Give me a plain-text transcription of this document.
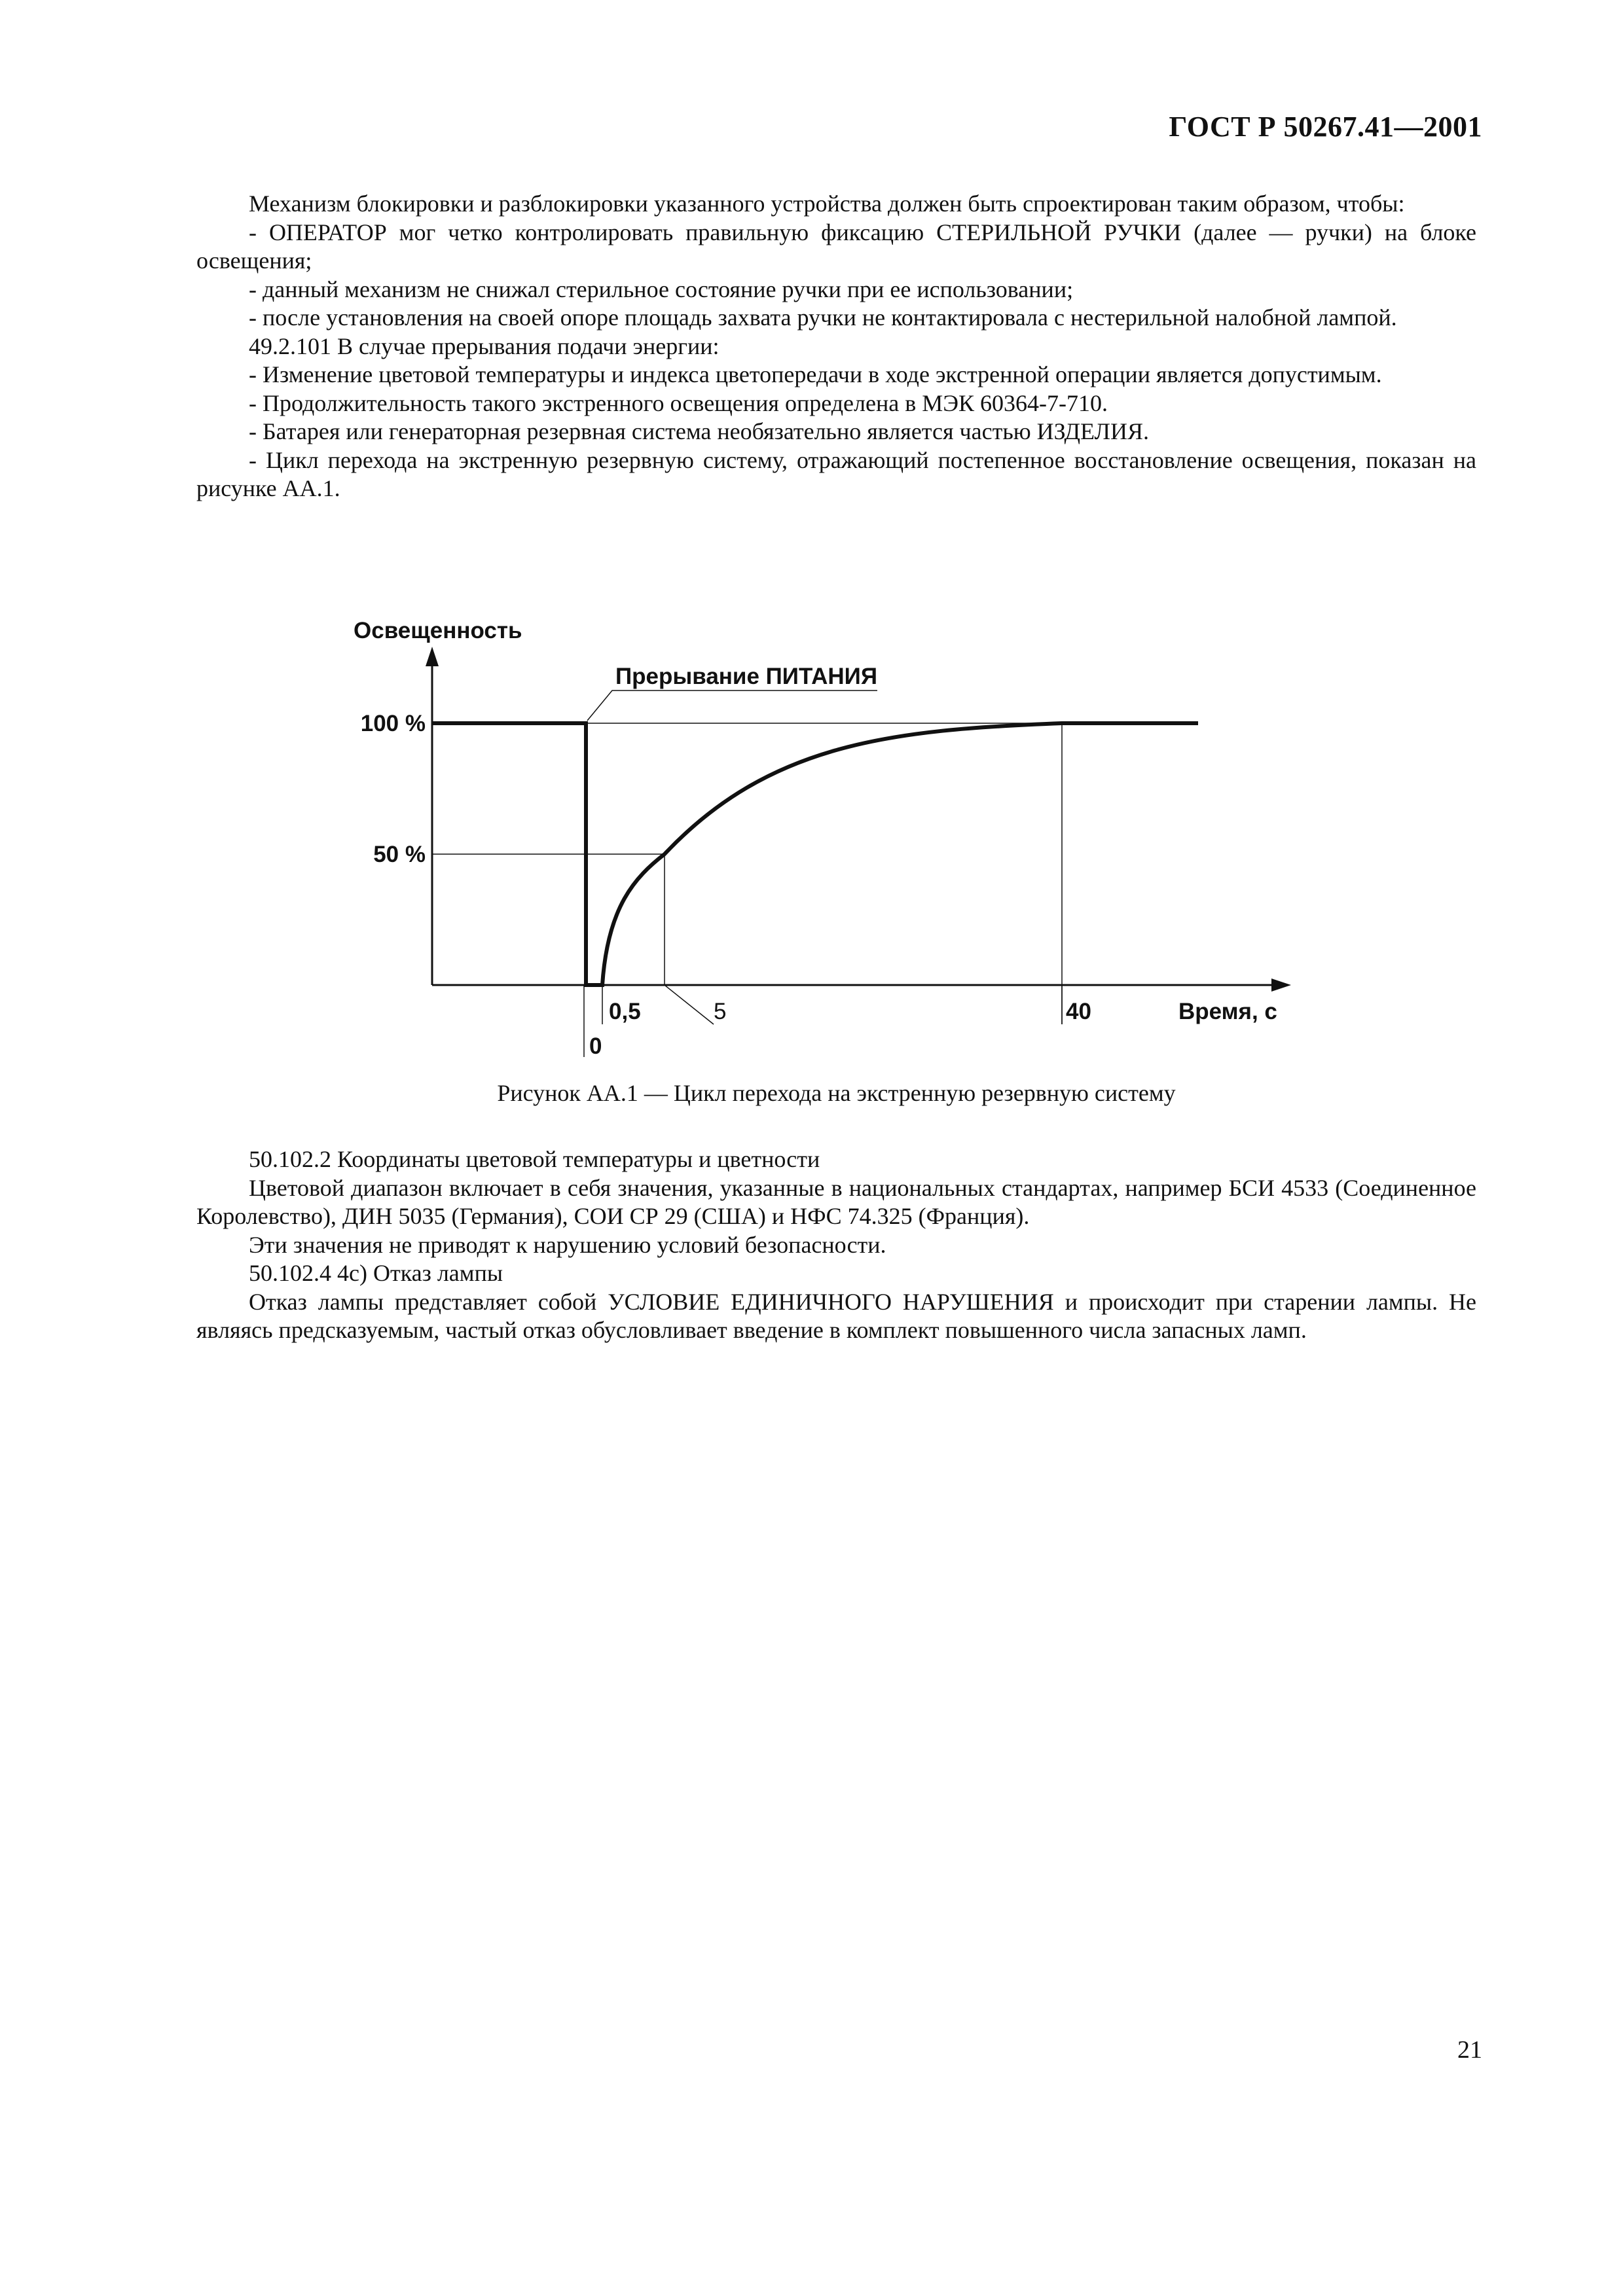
ГОСТ Р 50267.41—2001

Механизм блокировки и разблокировки указанного устройства должен быть спроектирован таким образом, чтобы:

- ОПЕРАТОР мог четко контролировать правильную фиксацию СТЕРИЛЬНОЙ РУЧКИ (далее — ручки) на блоке освещения;

- данный механизм не снижал стерильное состояние ручки при ее использовании;

- после установления на своей опоре площадь захвата ручки не контактировала с нестерильной налобной лампой.

49.2.101 В случае прерывания подачи энергии:

- Изменение цветовой температуры и индекса цветопередачи в ходе экстренной операции является допустимым.

- Продолжительность такого экстренного освещения определена в МЭК 60364-7-710.

- Батарея или генераторная резервная система необязательно является частью ИЗДЕЛИЯ.

- Цикл перехода на экстренную резервную систему, отражающий постепенное восстановление освещения, показан на рисунке АА.1.

Прерывание ПИТАНИЯ
Освещенность
Время, с
100 %
50 %
0
0,5	5	40
Рисунок АА.1 — Цикл перехода на экстренную резервную систему

50.102.2 Координаты цветовой температуры и цветности

Цветовой диапазон включает в себя значения, указанные в национальных стандартах, например БСИ 4533 (Соединенное Королевство), ДИН 5035 (Германия), СОИ СР 29 (США) и НФС 74.325 (Франция).

Эти значения не приводят к нарушению условий безопасности.

50.102.4 4с) Отказ лампы

Отказ лампы представляет собой УСЛОВИЕ ЕДИНИЧНОГО НАРУШЕНИЯ и происходит при старении лампы. Не являясь предсказуемым, частый отказ обусловливает введение в комплект повышенного числа запасных ламп.

21
